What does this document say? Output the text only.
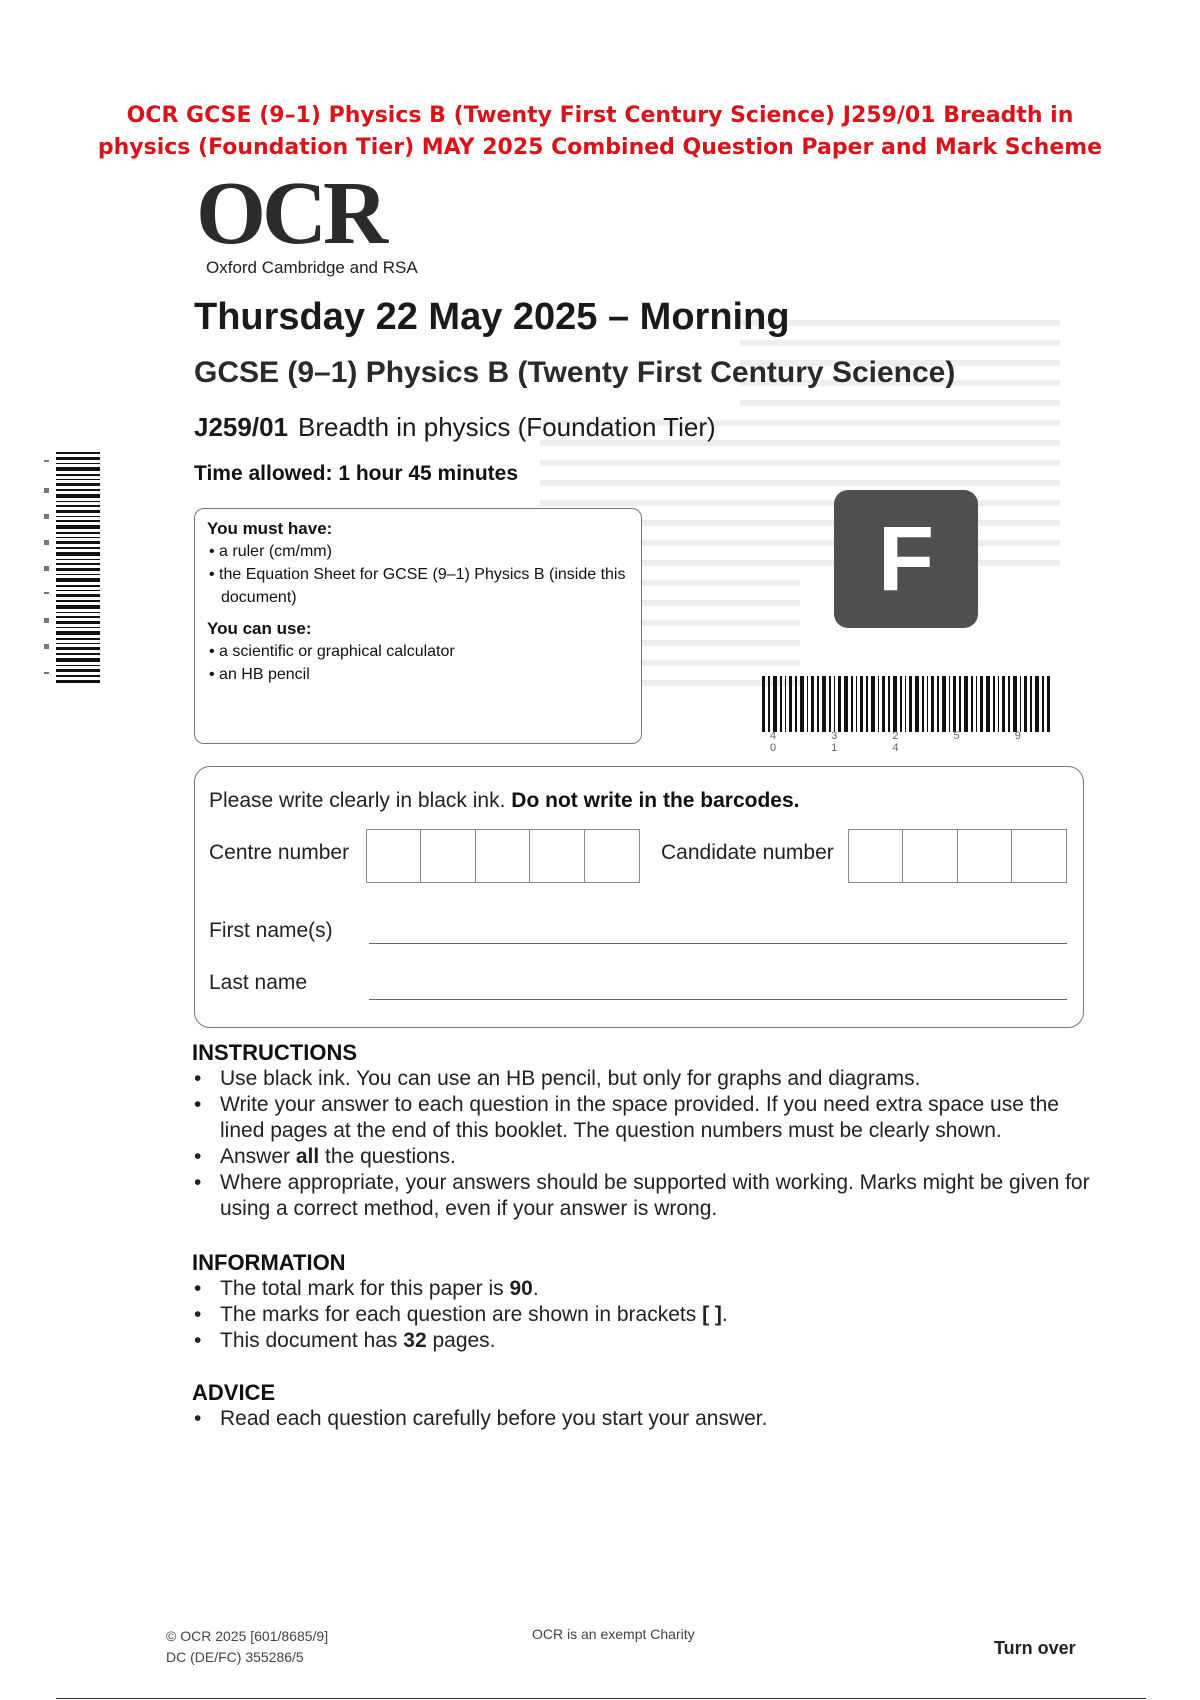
OCR GCSE (9–1) Physics B (Twenty First Century Science) J259/01 Breadth in
physics (Foundation Tier) MAY 2025 Combined Question Paper and Mark Scheme
OCR
Oxford Cambridge and RSA
Thursday 22 May 2025 – Morning
GCSE (9–1) Physics B (Twenty First Century Science)
J259/01 Breadth in physics (Foundation Tier)
Time allowed: 1 hour 45 minutes
You must have:
• a ruler (cm/mm)
• the Equation Sheet for GCSE (9–1) Physics B (inside this document)
You can use:
• a scientific or graphical calculator
• an HB pencil
F
4 3 2 5 9 0 1 4
Please write clearly in black ink. Do not write in the barcodes.
Centre number	Candidate number
First name(s)
Last name
INSTRUCTIONS
• Use black ink. You can use an HB pencil, but only for graphs and diagrams.
• Write your answer to each question in the space provided. If you need extra space use the lined pages at the end of this booklet. The question numbers must be clearly shown.
• Answer all the questions.
• Where appropriate, your answers should be supported with working. Marks might be given for using a correct method, even if your answer is wrong.
INFORMATION
• The total mark for this paper is 90.
• The marks for each question are shown in brackets [ ].
• This document has 32 pages.
ADVICE
• Read each question carefully before you start your answer.
© OCR 2025 [601/8685/9]
DC (DE/FC) 355286/5
OCR is an exempt Charity
Turn over
